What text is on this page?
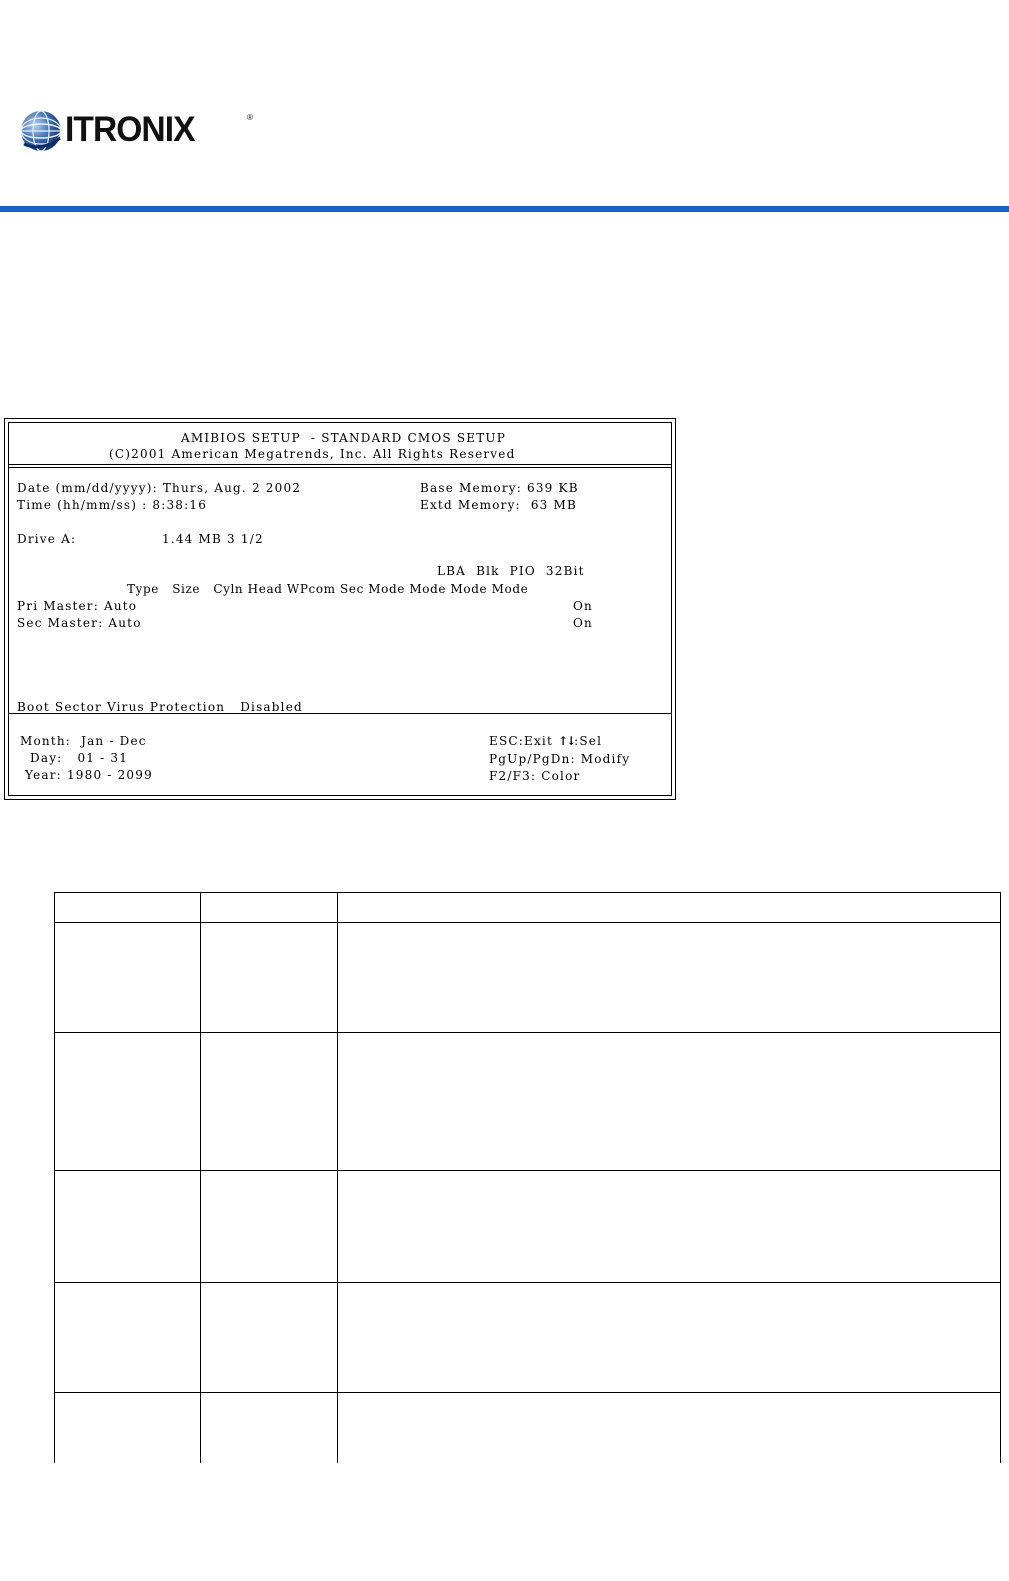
ITRONIX	®
AMIBIOS SETUP  - STANDARD CMOS SETUP
(C)2001 American Megatrends, Inc. All Rights Reserved
Date (mm/dd/yyyy): Thurs, Aug. 2 2002
Time (hh/mm/ss) : 8:38:16
Base Memory: 639 KB
Extd Memory:  63 MB
Drive A:	1.44 MB 3 1/2
LBA  Blk  PIO  32Bit
Type   Size   Cyln Head WPcom Sec Mode Mode Mode Mode
Pri Master: Auto	On
Sec Master: Auto	On
Boot Sector Virus Protection   Disabled
Month:  Jan - Dec
Day:   01 - 31
Year: 1980 - 2099
ESC:Exit ↑↓:Sel
PgUp/PgDn: Modify
F2/F3: Color
